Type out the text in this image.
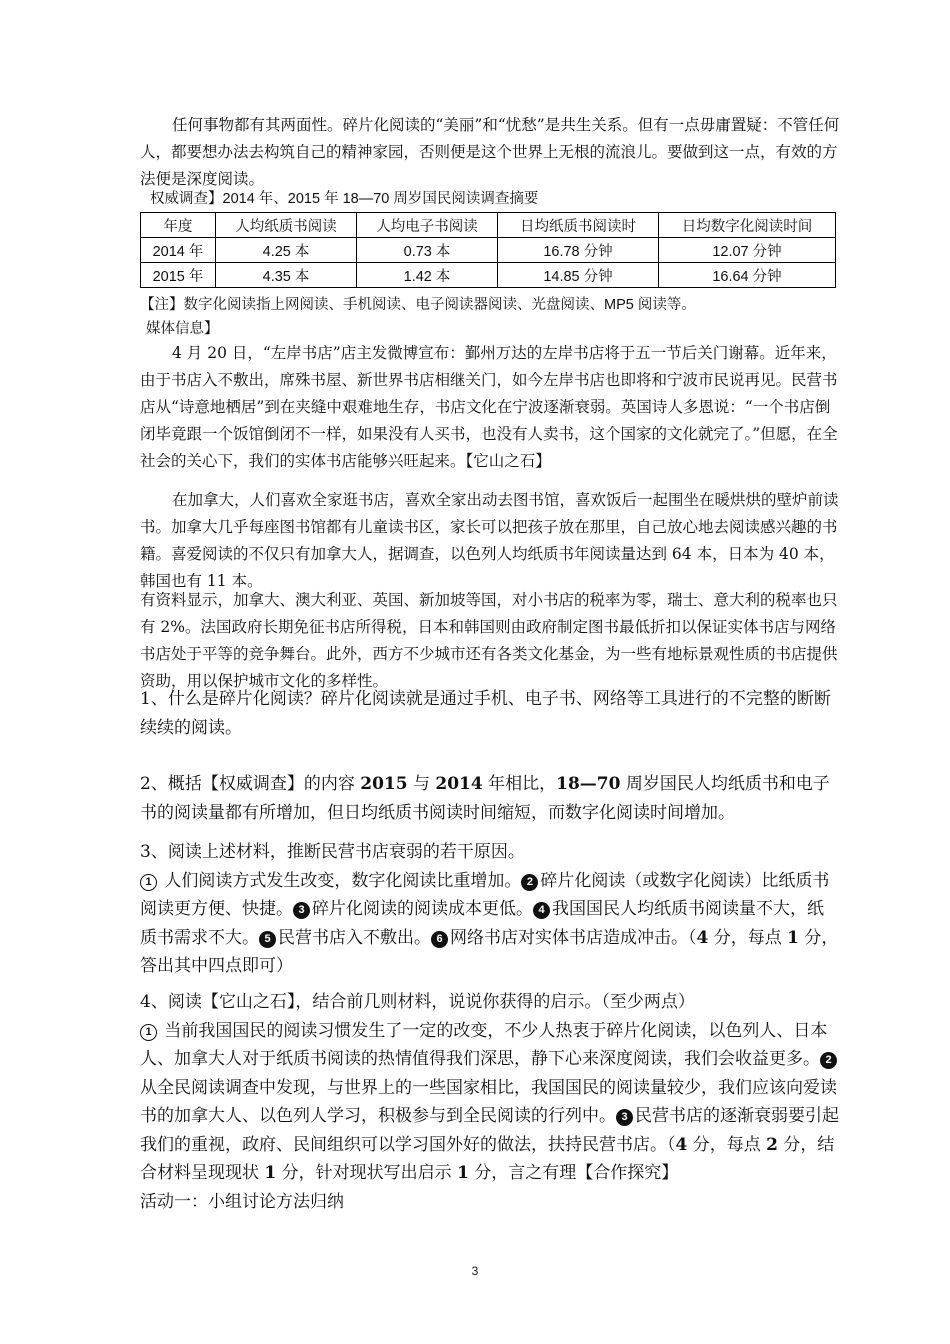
任何事物都有其两面性。碎片化阅读的“美丽”和“忧愁”是共生关系。但有一点毋庸置疑：不管任何人，都要想办法去构筑自己的精神家园，否则便是这个世界上无根的流浪儿。要做到这一点，有效的方法便是深度阅读。

权威调查】2014 年、2015 年 18—70 周岁国民阅读调查摘要
年度	人均纸质书阅读	人均电子书阅读	日均纸质书阅读时	日均数字化阅读时间
2014 年	4.25 本	0.73 本	16.78 分钟	12.07 分钟
2015 年	4.35 本	1.42 本	14.85 分钟	16.64 分钟
【注】数字化阅读指上网阅读、手机阅读、电子阅读器阅读、光盘阅读、MP5 阅读等。
媒体信息】

4 月 20 日，“左岸书店”店主发微博宣布：鄞州万达的左岸书店将于五一节后关门谢幕。近年来，由于书店入不敷出，席殊书屋、新世界书店相继关门，如今左岸书店也即将和宁波市民说再见。民营书店从“诗意地栖居”到在夹缝中艰难地生存，书店文化在宁波逐渐衰弱。英国诗人多恩说：“一个书店倒闭毕竟跟一个饭馆倒闭不一样，如果没有人买书，也没有人卖书，这个国家的文化就完了。”但愿，在全社会的关心下，我们的实体书店能够兴旺起来。【它山之石】

在加拿大，人们喜欢全家逛书店，喜欢全家出动去图书馆，喜欢饭后一起围坐在暖烘烘的壁炉前读书。加拿大几乎每座图书馆都有儿童读书区，家长可以把孩子放在那里，自己放心地去阅读感兴趣的书籍。喜爱阅读的不仅只有加拿大人，据调查，以色列人均纸质书年阅读量达到 64 本，日本为 40 本，韩国也有 11 本。

有资料显示，加拿大、澳大利亚、英国、新加坡等国，对小书店的税率为零，瑞士、意大利的税率也只有 2%。法国政府长期免征书店所得税，日本和韩国则由政府制定图书最低折扣以保证实体书店与网络书店处于平等的竞争舞台。此外，西方不少城市还有各类文化基金，为一些有地标景观性质的书店提供资助，用以保护城市文化的多样性。

1、什么是碎片化阅读？碎片化阅读就是通过手机、电子书、网络等工具进行的不完整的断断续续的阅读。

2、概括【权威调查】的内容 2015 与 2014 年相比，18—70 周岁国民人均纸质书和电子书的阅读量都有所增加，但日均纸质书阅读时间缩短，而数字化阅读时间增加。

3、阅读上述材料，推断民营书店衰弱的若干原因。

1 人们阅读方式发生改变，数字化阅读比重增加。 2 碎片化阅读（或数字化阅读）比纸质书阅读更方便、快捷。 3 碎片化阅读的阅读成本更低。 4 我国国民人均纸质书阅读量不大，纸质书需求不大。 5 民营书店入不敷出。 6 网络书店对实体书店造成冲击。（4 分，每点 1 分，答出其中四点即可）

4、阅读【它山之石】，结合前几则材料，说说你获得的启示。（至少两点）

1 当前我国国民的阅读习惯发生了一定的改变，不少人热衷于碎片化阅读，以色列人、日本人、加拿大人对于纸质书阅读的热情值得我们深思，静下心来深度阅读，我们会收益更多。 2从全民阅读调查中发现，与世界上的一些国家相比，我国国民的阅读量较少，我们应该向爱读书的加拿大人、以色列人学习，积极参与到全民阅读的行列中。 3 民营书店的逐渐衰弱要引起我们的重视，政府、民间组织可以学习国外好的做法，扶持民营书店。（4 分，每点 2 分，结合材料呈现现状 1 分，针对现状写出启示 1 分，言之有理【合作探究】

活动一：小组讨论方法归纳

3
